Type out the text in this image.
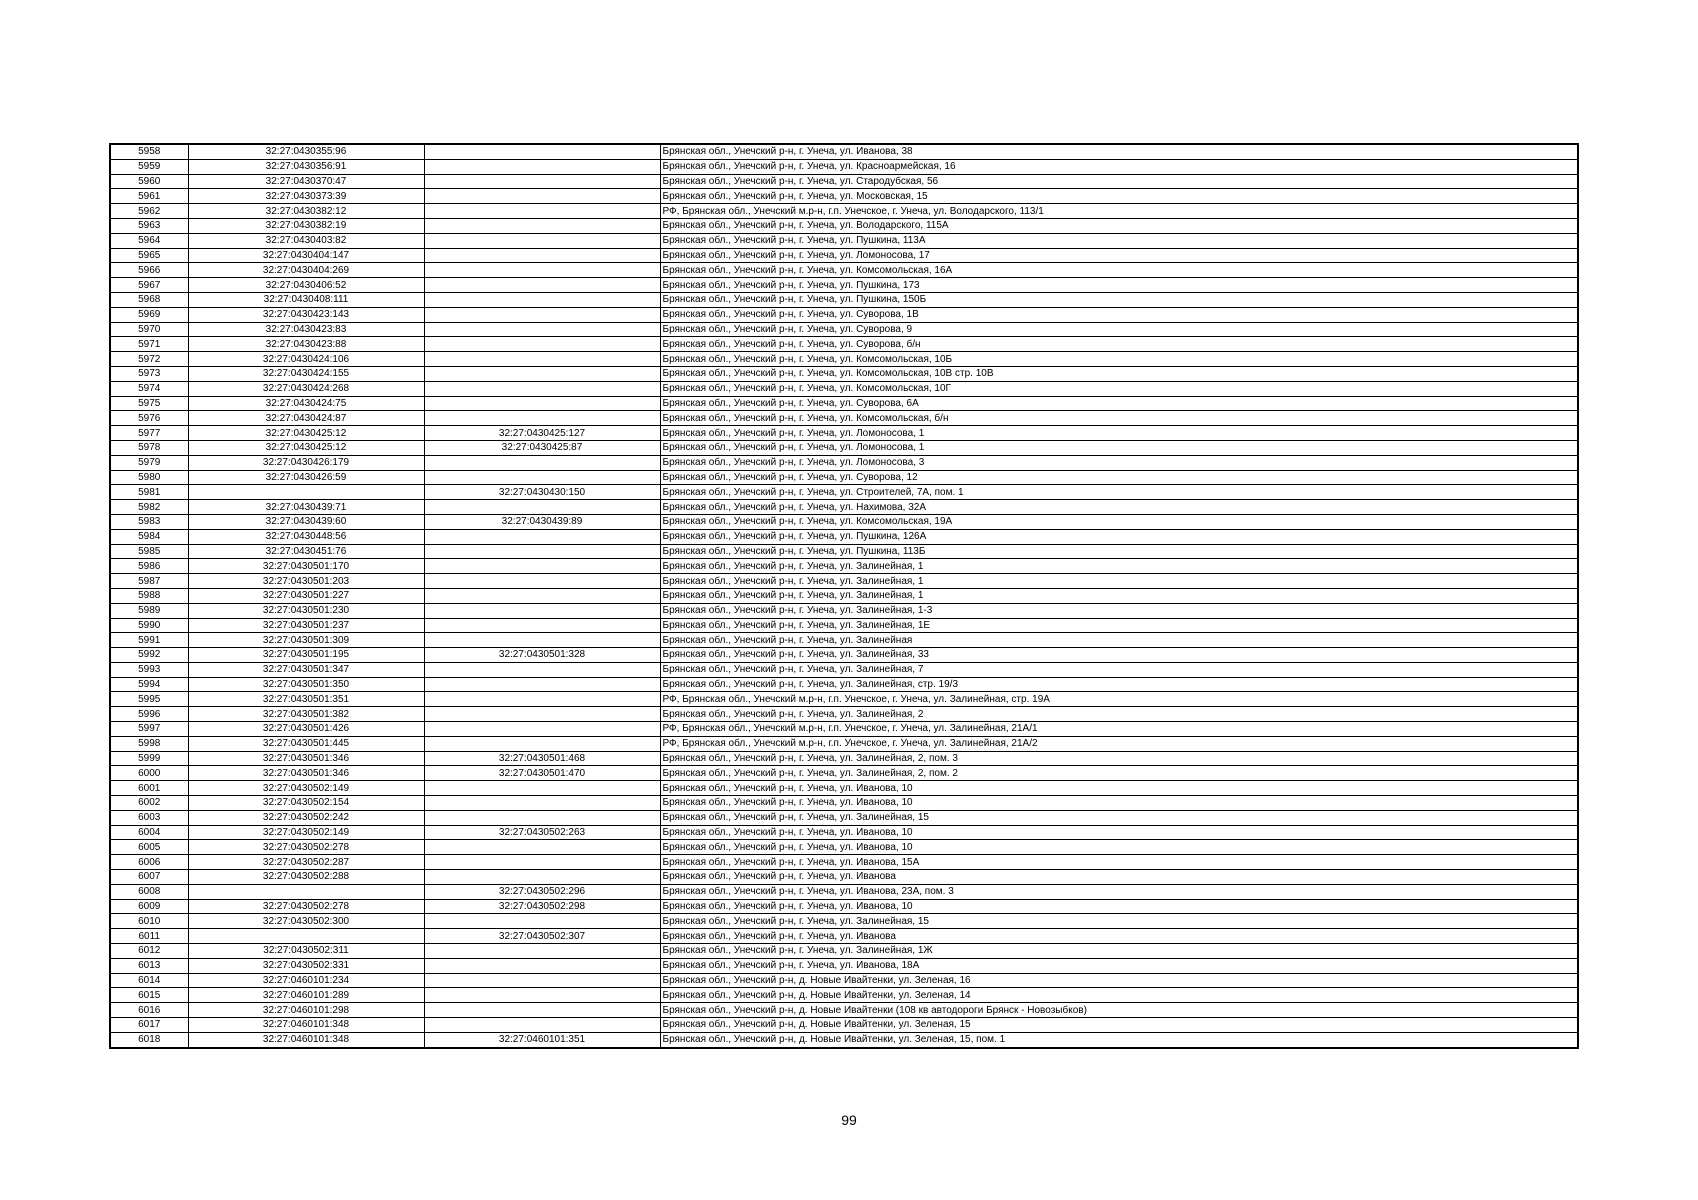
5958	32:27:0430355:96		Брянская обл., Унечский р-н, г. Унеча, ул. Иванова, 38
5959	32:27:0430356:91		Брянская обл., Унечский р-н, г. Унеча, ул. Красноармейская, 16
5960	32:27:0430370:47		Брянская обл., Унечский р-н, г. Унеча, ул. Стародубская, 56
5961	32:27:0430373:39		Брянская обл., Унечский р-н, г. Унеча, ул. Московская, 15
5962	32:27:0430382:12		РФ, Брянская обл., Унечский м.р-н, г.п. Унечское, г. Унеча, ул. Володарского, 113/1
5963	32:27:0430382:19		Брянская обл., Унечский р-н, г. Унеча, ул. Володарского, 115А
5964	32:27:0430403:82		Брянская обл., Унечский р-н, г. Унеча, ул. Пушкина, 113А
5965	32:27:0430404:147		Брянская обл., Унечский р-н, г. Унеча, ул. Ломоносова, 17
5966	32:27:0430404:269		Брянская обл., Унечский р-н, г. Унеча, ул. Комсомольская, 16А
5967	32:27:0430406:52		Брянская обл., Унечский р-н, г. Унеча, ул. Пушкина, 173
5968	32:27:0430408:111		Брянская обл., Унечский р-н, г. Унеча, ул. Пушкина, 150Б
5969	32:27:0430423:143		Брянская обл., Унечский р-н, г. Унеча, ул. Суворова, 1В
5970	32:27:0430423:83		Брянская обл., Унечский р-н, г. Унеча, ул. Суворова, 9
5971	32:27:0430423:88		Брянская обл., Унечский р-н, г. Унеча, ул. Суворова, б/н
5972	32:27:0430424:106		Брянская обл., Унечский р-н, г. Унеча, ул. Комсомольская, 10Б
5973	32:27:0430424:155		Брянская обл., Унечский р-н, г. Унеча, ул. Комсомольская, 10В стр. 10В
5974	32:27:0430424:268		Брянская обл., Унечский р-н, г. Унеча, ул. Комсомольская, 10Г
5975	32:27:0430424:75		Брянская обл., Унечский р-н, г. Унеча, ул. Суворова, 6А
5976	32:27:0430424:87		Брянская обл., Унечский р-н, г. Унеча, ул. Комсомольская, б/н
5977	32:27:0430425:12	32:27:0430425:127	Брянская обл., Унечский р-н, г. Унеча, ул. Ломоносова, 1
5978	32:27:0430425:12	32:27:0430425:87	Брянская обл., Унечский р-н, г. Унеча, ул. Ломоносова, 1
5979	32:27:0430426:179		Брянская обл., Унечский р-н, г. Унеча, ул. Ломоносова, 3
5980	32:27:0430426:59		Брянская обл., Унечский р-н, г. Унеча, ул. Суворова, 12
5981		32:27:0430430:150	Брянская обл., Унечский р-н, г. Унеча, ул. Строителей, 7А, пом. 1
5982	32:27:0430439:71		Брянская обл., Унечский р-н, г. Унеча, ул. Нахимова, 32А
5983	32:27:0430439:60	32:27:0430439:89	Брянская обл., Унечский р-н, г. Унеча, ул. Комсомольская, 19А
5984	32:27:0430448:56		Брянская обл., Унечский р-н, г. Унеча, ул. Пушкина, 126А
5985	32:27:0430451:76		Брянская обл., Унечский р-н, г. Унеча, ул. Пушкина, 113Б
5986	32:27:0430501:170		Брянская обл., Унечский р-н, г. Унеча, ул. Залинейная, 1
5987	32:27:0430501:203		Брянская обл., Унечский р-н, г. Унеча, ул. Залинейная, 1
5988	32:27:0430501:227		Брянская обл., Унечский р-н, г. Унеча, ул. Залинейная, 1
5989	32:27:0430501:230		Брянская обл., Унечский р-н, г. Унеча, ул. Залинейная, 1-3
5990	32:27:0430501:237		Брянская обл., Унечский р-н, г. Унеча, ул. Залинейная, 1Е
5991	32:27:0430501:309		Брянская обл., Унечский р-н, г. Унеча, ул. Залинейная
5992	32:27:0430501:195	32:27:0430501:328	Брянская обл., Унечский р-н, г. Унеча, ул. Залинейная, 33
5993	32:27:0430501:347		Брянская обл., Унечский р-н, г. Унеча, ул. Залинейная, 7
5994	32:27:0430501:350		Брянская обл., Унечский р-н, г. Унеча, ул. Залинейная, стр. 19/3
5995	32:27:0430501:351		РФ, Брянская обл., Унечский м.р-н, г.п. Унечское, г. Унеча, ул. Залинейная, стр. 19А
5996	32:27:0430501:382		Брянская обл., Унечский р-н, г. Унеча, ул. Залинейная, 2
5997	32:27:0430501:426		РФ, Брянская обл., Унечский м.р-н, г.п. Унечское, г. Унеча, ул. Залинейная, 21А/1
5998	32:27:0430501:445		РФ, Брянская обл., Унечский м.р-н, г.п. Унечское, г. Унеча, ул. Залинейная, 21А/2
5999	32:27:0430501:346	32:27:0430501:468	Брянская обл., Унечский р-н, г. Унеча, ул. Залинейная, 2, пом. 3
6000	32:27:0430501:346	32:27:0430501:470	Брянская обл., Унечский р-н, г. Унеча, ул. Залинейная, 2, пом. 2
6001	32:27:0430502:149		Брянская обл., Унечский р-н, г. Унеча, ул. Иванова, 10
6002	32:27:0430502:154		Брянская обл., Унечский р-н, г. Унеча, ул. Иванова, 10
6003	32:27:0430502:242		Брянская обл., Унечский р-н, г. Унеча, ул. Залинейная, 15
6004	32:27:0430502:149	32:27:0430502:263	Брянская обл., Унечский р-н, г. Унеча, ул. Иванова, 10
6005	32:27:0430502:278		Брянская обл., Унечский р-н, г. Унеча, ул. Иванова, 10
6006	32:27:0430502:287		Брянская обл., Унечский р-н, г. Унеча, ул. Иванова, 15А
6007	32:27:0430502:288		Брянская обл., Унечский р-н, г. Унеча, ул. Иванова
6008		32:27:0430502:296	Брянская обл., Унечский р-н, г. Унеча, ул. Иванова, 23А, пом. 3
6009	32:27:0430502:278	32:27:0430502:298	Брянская обл., Унечский р-н, г. Унеча, ул. Иванова, 10
6010	32:27:0430502:300		Брянская обл., Унечский р-н, г. Унеча, ул. Залинейная, 15
6011		32:27:0430502:307	Брянская обл., Унечский р-н, г. Унеча, ул. Иванова
6012	32:27:0430502:311		Брянская обл., Унечский р-н, г. Унеча, ул. Залинейная, 1Ж
6013	32:27:0430502:331		Брянская обл., Унечский р-н, г. Унеча, ул. Иванова, 18А
6014	32:27:0460101:234		Брянская обл., Унечский р-н, д. Новые Ивайтенки, ул. Зеленая, 16
6015	32:27:0460101:289		Брянская обл., Унечский р-н, д. Новые Ивайтенки, ул. Зеленая, 14
6016	32:27:0460101:298		Брянская обл., Унечский р-н, д. Новые Ивайтенки (108 кв автодороги Брянск - Новозыбков)
6017	32:27:0460101:348		Брянская обл., Унечский р-н, д. Новые Ивайтенки, ул. Зеленая, 15
6018	32:27:0460101:348	32:27:0460101:351	Брянская обл., Унечский р-н, д. Новые Ивайтенки, ул. Зеленая, 15, пом. 1
99
